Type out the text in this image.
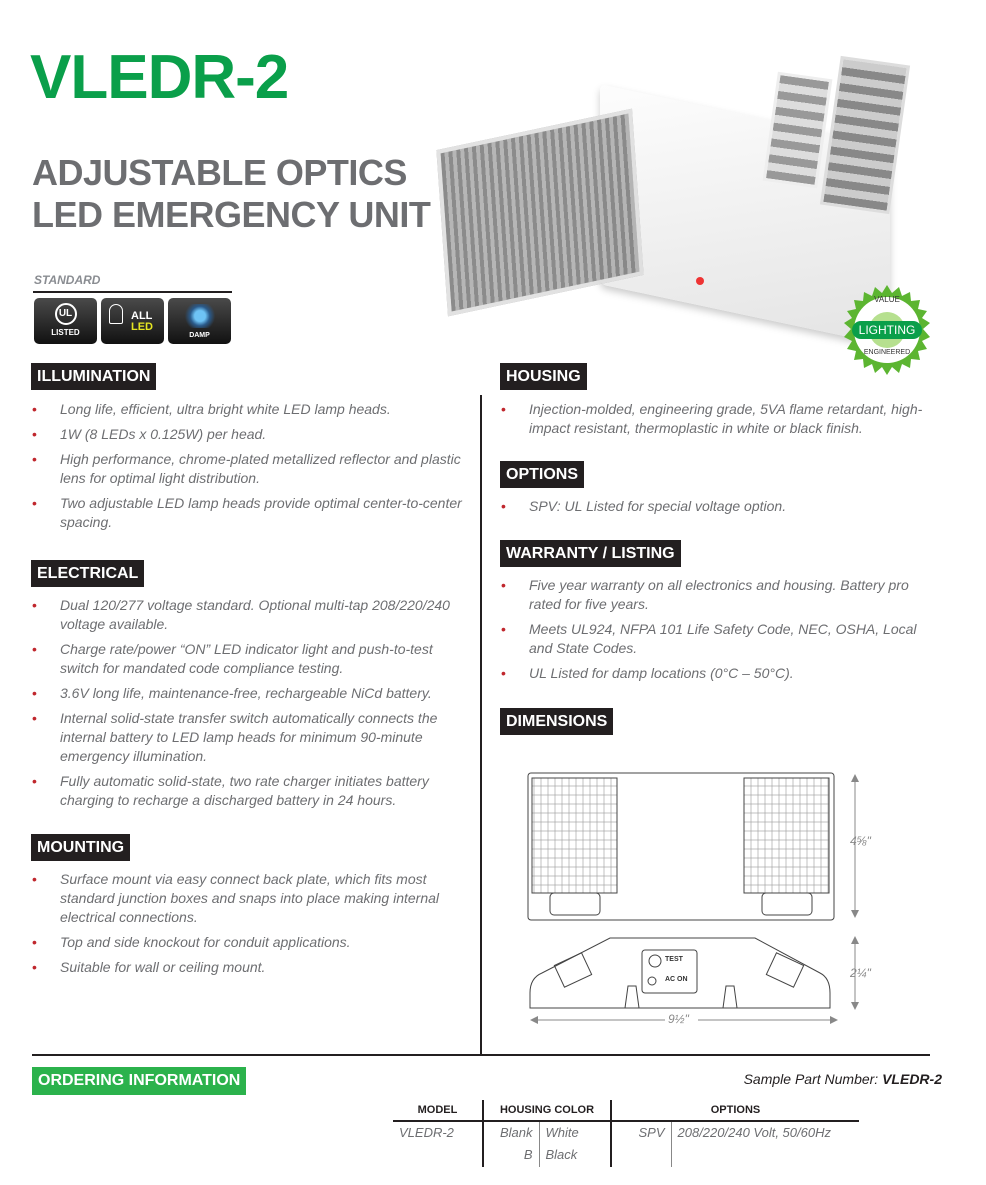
VLEDR-2
ADJUSTABLE OPTICS
LED EMERGENCY UNIT
VALUE
LIGHTING
ENGINEERED
STANDARD
UL
LISTED
ALL
LED
DAMP
ILLUMINATION
• Long life, efficient, ultra bright white LED lamp heads.
• 1W (8 LEDs x 0.125W) per head.
• High performance, chrome-plated metallized reflector and plastic lens for optimal light distribution.
• Two adjustable LED lamp heads provide optimal center-to-center spacing.
ELECTRICAL
• Dual 120/277 voltage standard. Optional multi-tap 208/220/240 voltage available.
• Charge rate/power “ON” LED indicator light and push-to-test switch for mandated code compliance testing.
• 3.6V long life, maintenance-free, rechargeable NiCd battery.
• Internal solid-state transfer switch automatically connects the internal battery to LED lamp heads for minimum 90-minute emergency illumination.
• Fully automatic solid-state, two rate charger initiates battery charging to recharge a discharged battery in 24 hours.
MOUNTING
• Surface mount via easy connect back plate, which fits most standard junction boxes and snaps into place making internal electrical connections.
• Top and side knockout for conduit applications.
• Suitable for wall or ceiling mount.
HOUSING
• Injection-molded, engineering grade, 5VA flame retardant, high-impact resistant, thermoplastic in white or black finish.
OPTIONS
• SPV: UL Listed for special voltage option.
WARRANTY / LISTING
• Five year warranty on all electronics and housing. Battery pro rated for five years.
• Meets UL924, NFPA 101 Life Safety Code, NEC, OSHA, Local and State Codes.
• UL Listed for damp locations (0°C – 50°C).
DIMENSIONS
TEST
AC ON
4⅝"
2¼"
9½"
ORDERING INFORMATION	Sample Part Number: VLEDR-2
MODEL	HOUSING COLOR		OPTIONS	
VLEDR-2	Blank	White	SPV	208/220/240 Volt, 50/60Hz
	B	Black		
